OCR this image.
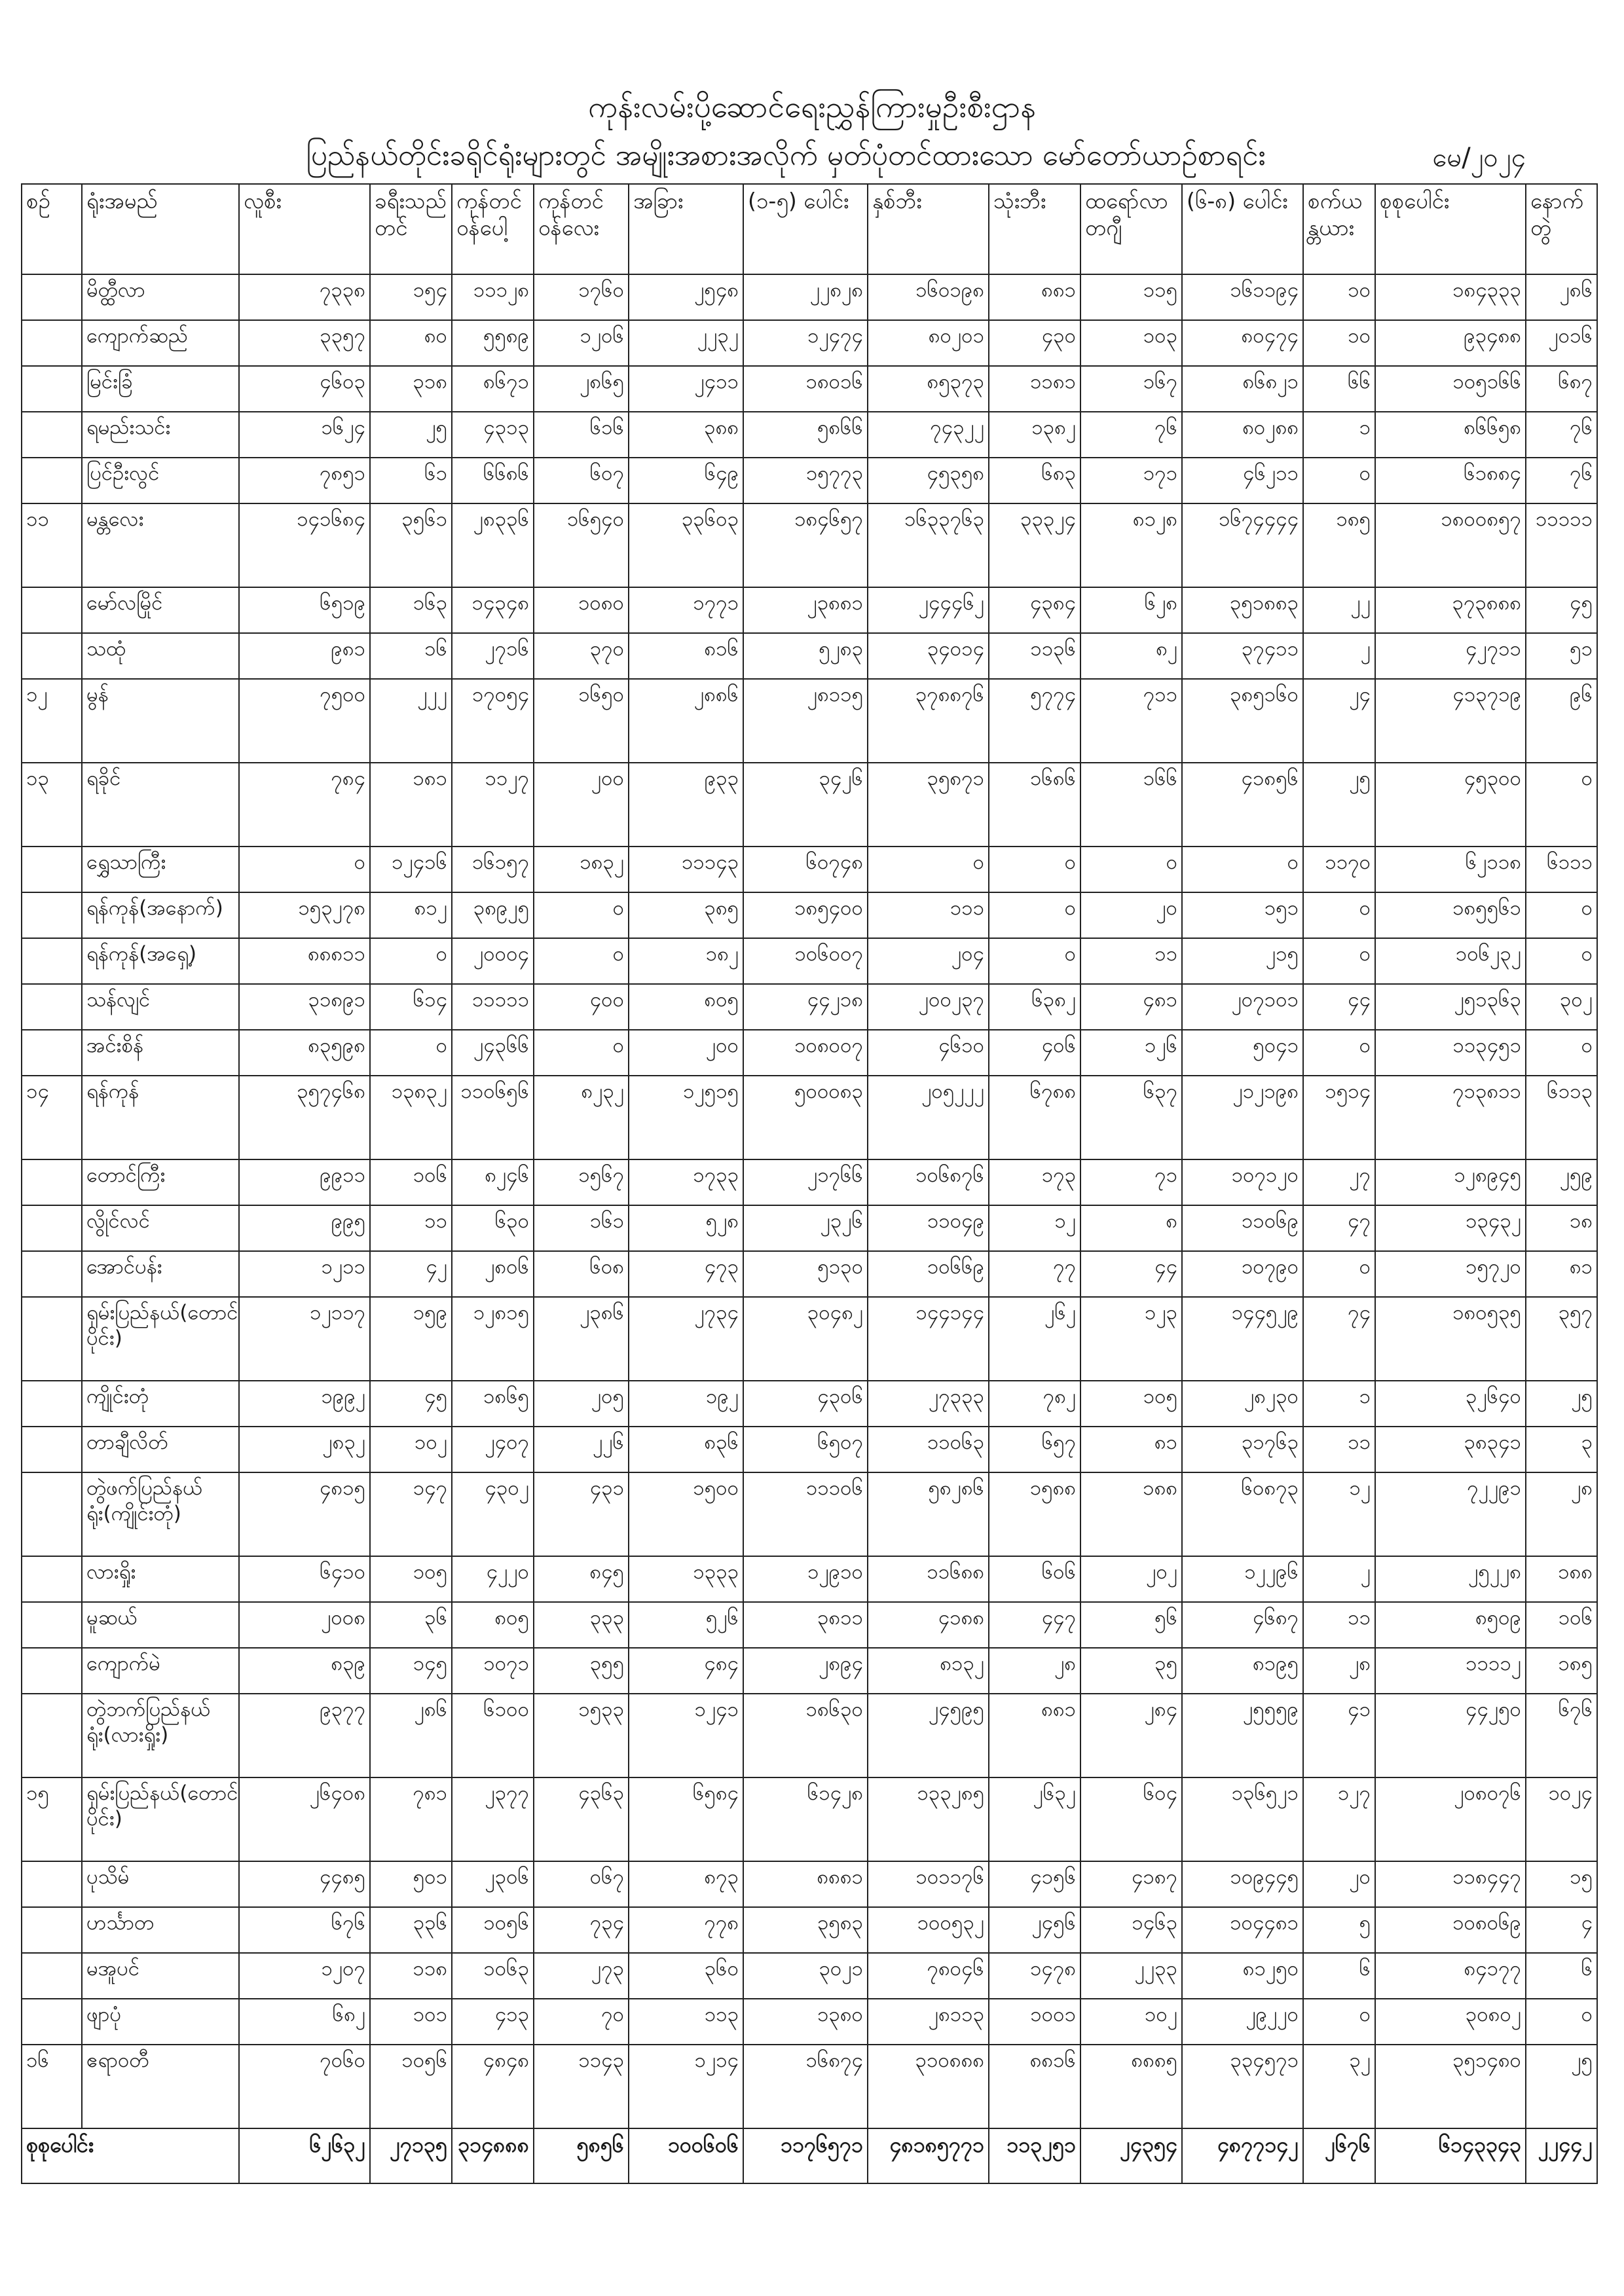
ကုန်းလမ်းပို့ဆောင်ရေးညွှန်ကြားမှုဦးစီးဌာန
ပြည်နယ်တိုင်းခရိုင်ရုံးများတွင် အမျိုးအစားအလိုက် မှတ်ပုံတင်ထားသော မော်တော်ယာဉ်စာရင်း	မေ/၂၀၂၄
စဉ်	ရုံးအမည်	လူစီး	ခရီးသည်တင်	ကုန်တင်ဝန်ပေါ့	ကုန်တင်ဝန်လေး	အခြား	(၁-၅) ပေါင်း	နှစ်ဘီး	သုံးဘီး	ထရော်လာ တဂျီ	(၆-၈) ပေါင်း	စက်ယန္တယား	စုစုပေါင်း	နောက်တွဲ
	မိတ္ထီလာ	၇၃၃၈	၁၅၄	၁၁၁၂၈	၁၇၆၀	၂၅၄၈	၂၂၈၂၈	၁၆၀၁၉၈	၈၈၁	၁၁၅	၁၆၁၁၉၄	၁၀	၁၈၄၃၃၃	၂၈၆
	ကျောက်ဆည်	၃၃၅၇	၈၀	၅၅၈၉	၁၂၀၆	၂၂၃၂	၁၂၄၇၄	၈၀၂၀၁	၄၃၀	၁၀၃	၈၀၄၇၄	၁၀	၉၃၄၈၈	၂၀၁၆
	မြင်းခြံ	၄၆၀၃	၃၁၈	၈၆၇၁	၂၈၆၅	၂၄၁၁	၁၈၀၁၆	၈၅၃၇၃	၁၁၈၁	၁၆၇	၈၆၈၂၁	၆၆	၁၀၅၁၆၆	၆၈၇
	ရမည်းသင်း	၁၆၂၄	၂၅	၄၃၁၃	၆၁၆	၃၈၈	၅၈၆၆	၇၄၃၂၂	၁၃၈၂	၇၆	၈၀၂၈၈	၁	၈၆၆၅၈	၇၆
	ပြင်ဦးလွင်	၇၈၅၁	၆၁	၆၆၈၆	၆၀၇	၆၄၉	၁၅၇၇၃	၄၅၃၅၈	၆၈၃	၁၇၁	၄၆၂၁၁	၀	၆၁၈၈၄	၇၆
၁၁	မန္တလေး	၁၄၁၆၈၄	၃၅၆၁	၂၈၃၃၆	၁၆၅၄၀	၃၃၆၀၃	၁၈၄၆၅၇	၁၆၃၃၇၆၃	၃၃၃၂၄	၈၁၂၈	၁၆၇၄၄၄၄	၁၈၅	၁၈၀၀၈၅၇	၁၁၁၁၁
	မော်လမြိုင်	၆၅၁၉	၁၆၃	၁၄၃၄၈	၁၀၈၀	၁၇၇၁	၂၃၈၈၁	၂၄၄၄၆၂	၄၃၈၄	၆၂၈	၃၅၁၈၈၃	၂၂	၃၇၃၈၈၈	၄၅
	သထုံ	၉၈၁	၁၆	၂၇၁၆	၃၇၀	၈၁၆	၅၂၈၃	၃၄၀၁၄	၁၁၃၆	၈၂	၃၇၄၁၁	၂	၄၂၇၁၁	၅၁
၁၂	မွန်	၇၅၀၀	၂၂၂	၁၇၀၅၄	၁၆၅၀	၂၈၈၆	၂၈၁၁၅	၃၇၈၈၇၆	၅၇၇၄	၇၁၁	၃၈၅၁၆၀	၂၄	၄၁၃၇၁၉	၉၆
၁၃	ရခိုင်	၇၈၄	၁၈၁	၁၁၂၇	၂၀၀	၉၃၃	၃၄၂၆	၃၅၈၇၁	၁၆၈၆	၁၆၆	၄၁၈၅၆	၂၅	၄၅၃၀၀	၀
	ရွှေသာကြီး	၀	၁၂၄၁၆	၁၆၁၅၇	၁၈၃၂	၁၁၁၄၃	၆၀၇၄၈	၀	၀	၀	၀	၁၁၇၀	၆၂၁၁၈	၆၁၁၁
	ရန်ကုန်(အနောက်)	၁၅၃၂၇၈	၈၁၂	၃၈၉၂၅	၀	၃၈၅	၁၈၅၄၀၀	၁၁၁	၀	၂၀	၁၅၁	၀	၁၈၅၅၆၁	၀
	ရန်ကုန်(အရှေ့)	၈၈၈၁၁	၀	၂၀၀၀၄	၀	၁၈၂	၁၀၆၀၀၇	၂၀၄	၀	၁၁	၂၁၅	၀	၁၀၆၂၃၂	၀
	သန်လျင်	၃၁၈၉၁	၆၁၄	၁၁၁၁၁	၄၀၀	၈၀၅	၄၄၂၁၈	၂၀၀၂၃၇	၆၃၈၂	၄၈၁	၂၀၇၁၀၁	၄၄	၂၅၁၃၆၃	၃၀၂
	အင်းစိန်	၈၃၅၉၈	၀	၂၄၃၆၆	၀	၂၀၀	၁၀၈၀၀၇	၄၆၁၀	၄၀၆	၁၂၆	၅၀၄၁	၀	၁၁၃၄၅၁	၀
၁၄	ရန်ကုန်	၃၅၇၄၆၈	၁၃၈၃၂	၁၁၀၆၅၆	၈၂၃၂	၁၂၅၁၅	၅၀၀၀၈၃	၂၀၅၂၂၂	၆၇၈၈	၆၃၇	၂၁၂၁၉၈	၁၅၁၄	၇၁၃၈၁၁	၆၁၁၃
	တောင်ကြီး	၉၉၁၁	၁၀၆	၈၂၄၆	၁၅၆၇	၁၇၃၃	၂၁၇၆၆	၁၀၆၈၇၆	၁၇၃	၇၁	၁၀၇၁၂၀	၂၇	၁၂၈၉၄၅	၂၅၉
	လွိုင်လင်	၉၉၅	၁၁	၆၃၀	၁၆၁	၅၂၈	၂၃၂၆	၁၁၀၄၉	၁၂	၈	၁၁၀၆၉	၄၇	၁၃၄၃၂	၁၈
	အောင်ပန်း	၁၂၁၁	၄၂	၂၈၀၆	၆၀၈	၄၇၃	၅၁၃၀	၁၀၆၆၉	၇၇	၄၄	၁၀၇၉၀	၀	၁၅၇၂၀	၈၁
	ရှမ်းပြည်နယ်(တောင်ပိုင်း)	၁၂၁၁၇	၁၅၉	၁၂၈၁၅	၂၃၈၆	၂၇၃၄	၃၀၄၈၂	၁၄၄၁၄၄	၂၆၂	၁၂၃	၁၄၄၅၂၉	၇၄	၁၈၀၅၃၅	၃၅၇
	ကျိုင်းတုံ	၁၉၉၂	၄၅	၁၈၆၅	၂၀၅	၁၉၂	၄၃၀၆	၂၇၃၃၃	၇၈၂	၁၀၅	၂၈၂၃၀	၁	၃၂၆၄၀	၂၅
	တာချီလိတ်	၂၈၃၂	၁၀၂	၂၄၀၇	၂၂၆	၈၃၆	၆၅၀၇	၁၁၀၆၃	၆၅၇	၈၁	၃၁၇၆၃	၁၁	၃၈၃၄၁	၃
	တွဲဖက်ပြည်နယ်ရုံး(ကျိုင်းတုံ)	၄၈၁၅	၁၄၇	၄၃၀၂	၄၃၁	၁၅၀၀	၁၁၁၀၆	၅၈၂၈၆	၁၅၈၈	၁၈၈	၆၀၈၇၃	၁၂	၇၂၂၉၁	၂၈
	လားရှိုး	၆၄၁၀	၁၀၅	၄၂၂၀	၈၄၅	၁၃၃၃	၁၂၉၁၀	၁၁၆၈၈	၆၀၆	၂၀၂	၁၂၂၉၆	၂	၂၅၂၂၈	၁၈၈
	မူဆယ်	၂၀၀၈	၃၆	၈၀၅	၃၃၃	၅၂၆	၃၈၁၁	၄၁၈၈	၄၄၇	၅၆	၄၆၈၇	၁၁	၈၅၀၉	၁၀၆
	ကျောက်မဲ	၈၃၉	၁၄၅	၁၀၇၁	၃၅၅	၄၈၄	၂၈၉၄	၈၁၃၂	၂၈	၃၅	၈၁၉၅	၂၈	၁၁၁၁၂	၁၈၅
	တွဲဘက်ပြည်နယ်ရုံး(လားရှိုး)	၉၃၇၇	၂၈၆	၆၁၀၀	၁၅၃၃	၁၂၄၁	၁၈၆၃၀	၂၄၅၉၅	၈၈၁	၂၈၄	၂၅၅၅၉	၄၁	၄၄၂၅၀	၆၇၆
၁၅	ရှမ်းပြည်နယ်(တောင်ပိုင်း)	၂၆၄၀၈	၇၈၁	၂၃၇၇	၄၃၆၃	၆၅၈၄	၆၁၄၂၈	၁၃၃၂၈၅	၂၆၃၂	၆၀၄	၁၃၆၅၂၁	၁၂၇	၂၀၈၀၇၆	၁၀၂၄
	ပုသိမ်	၄၄၈၅	၅၀၁	၂၃၀၆	၀၆၇	၈၇၃	၈၈၈၁	၁၀၁၁၇၆	၄၁၅၆	၄၁၈၇	၁၀၉၄၄၅	၂၀	၁၁၈၄၄၇	၁၅
	ဟင်္သာတ	၆၇၆	၃၃၆	၁၀၅၆	၇၃၄	၇၇၈	၃၅၈၃	၁၀၀၅၃၂	၂၄၅၆	၁၄၆၃	၁၀၄၄၈၁	၅	၁၀၈၀၆၉	၄
	မအူပင်	၁၂၀၇	၁၁၈	၁၀၆၃	၂၇၃	၃၆၀	၃၀၂၁	၇၈၀၄၆	၁၄၇၈	၂၂၃၃	၈၁၂၅၀	၆	၈၄၁၇၇	၆
	ဖျာပုံ	၆၈၂	၁၀၁	၄၁၃	၇၀	၁၁၃	၁၃၈၀	၂၈၁၁၃	၁၀၀၁	၁၀၂	၂၉၂၂၀	၀	၃၀၈၀၂	၀
၁၆	ဧရာဝတီ	၇၀၆၀	၁၀၅၆	၄၈၄၈	၁၁၄၃	၁၂၁၄	၁၆၈၇၄	၃၁၀၈၈၈	၈၈၁၆	၈၈၈၅	၃၃၄၅၇၁	၃၂	၃၅၁၄၈၀	၂၅
စုစုပေါင်း		၆၂၆၃၂	၂၇၁၃၅	၃၁၄၈၈၈	၅၈၅၆	၁၀၀၆၀၆	၁၁၇၆၅၇၁	၄၈၁၈၅၇၇၁	၁၁၃၂၅၁	၂၄၃၅၄	၄၈၇၇၁၄၂	၂၆၇၆	၆၁၄၃၃၄၃	၂၂၄၄၂
